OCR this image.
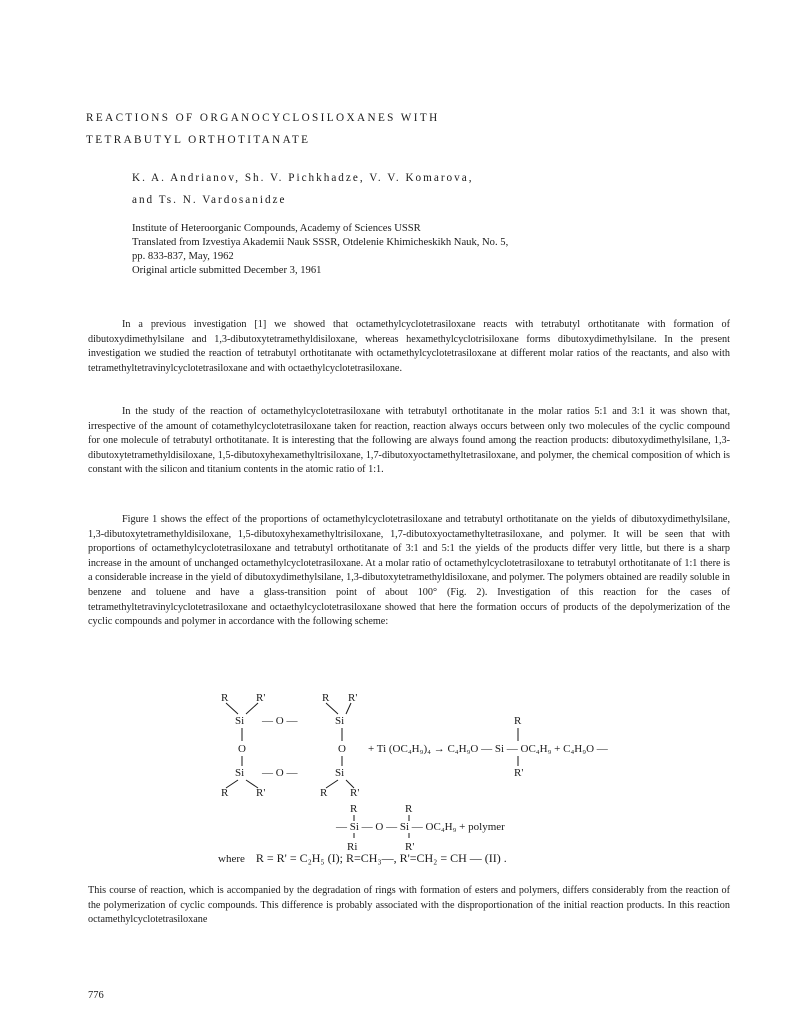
REACTIONS OF ORGANOCYCLOSILOXANES WITH
TETRABUTYL ORTHOTITANATE
K. A. Andrianov, Sh. V. Pichkhadze, V. V. Komarova,
and Ts. N. Vardosanidze
Institute of Heteroorganic Compounds, Academy of Sciences USSR
Translated from Izvestiya Akademii Nauk SSSR, Otdelenie Khimicheskikh Nauk, No. 5,
pp. 833-837, May, 1962
Original article submitted December 3, 1961

In a previous investigation [1] we showed that octamethylcyclotetrasiloxane reacts with tetrabutyl orthotitanate with formation of dibutoxydimethylsilane and 1,3-dibutoxytetramethyldisiloxane, whereas hexamethylcyclotrisiloxane forms dibutoxydimethylsilane. In the present investigation we studied the reaction of tetrabutyl orthotitanate with octamethylcyclotetrasiloxane at different molar ratios of the reactants, and also with tetramethyltetravinylcyclotetrasiloxane and with octaethylcyclotetrasiloxane.

In the study of the reaction of octamethylcyclotetrasiloxane with tetrabutyl orthotitanate in the molar ratios 5:1 and 3:1 it was shown that, irrespective of the amount of cotamethylcyclotetrasiloxane taken for reaction, reaction always occurs between only two molecules of the cyclic compound for one molecule of tetrabutyl orthotitanate. It is interesting that the following are always found among the reaction products: dibutoxydimethylsilane, 1,3-dibutoxytetramethyldisiloxane, 1,5-dibutoxyhexamethyltrisiloxane, 1,7-dibutoxyoctamethyltetrasiloxane, and polymer, the chemical composition of which is constant with the silicon and titanium contents in the atomic ratio of 1:1.

Figure 1 shows the effect of the proportions of octamethylcyclotetrasiloxane and tetrabutyl orthotitanate on the yields of dibutoxydimethylsilane, 1,3-dibutoxytetramethyldisiloxane, 1,5-dibutoxyhexamethyltrisiloxane, 1,7-dibutoxyoctamethyltetrasiloxane, and polymer. It will be seen that with proportions of octamethylcyclotetrasiloxane and tetrabutyl orthotitanate of 3:1 and 5:1 the yields of the products differ very little, but there is a sharp increase in the amount of unchanged octamethylcyclotetrasiloxane. At a molar ratio of octamethylcyclotetrasiloxane to tetrabutyl orthotitanate of 1:1 there is a considerable increase in the yield of dibutoxydimethylsilane, 1,3-dibutoxytetramethyldisiloxane, and polymer. The polymers obtained are readily soluble in benzene and toluene and have a glass-transition point of about 100° (Fig. 2). Investigation of this reaction for the cases of tetramethyltetravinylcyclotetrasiloxane and octaethylcyclotetrasiloxane showed that here the formation occurs of products of the depolymerization of the cyclic compounds and polymer in accordance with the following scheme:

R	R'	R R'
Si	Si
— O —
O	O
Si	Si
— O —
R	R'	R R'
+ Ti (OC₄H₉)₄ → C₄H₉O — Si — OC₄H₉ + C₄H₉O —
R
R'
R	R
— Si — O — Si — OC₄H₉ + polymer
Ri	R'
where R = R' = C₂H₅ (I); R=CH₃—, R'=CH₂ = CH — (II) .

This course of reaction, which is accompanied by the degradation of rings with formation of esters and polymers, differs considerably from the reaction of the polymerization of cyclic compounds. This difference is probably associated with the disproportionation of the initial reaction products. In this reaction octamethylcyclotetrasiloxane

776
